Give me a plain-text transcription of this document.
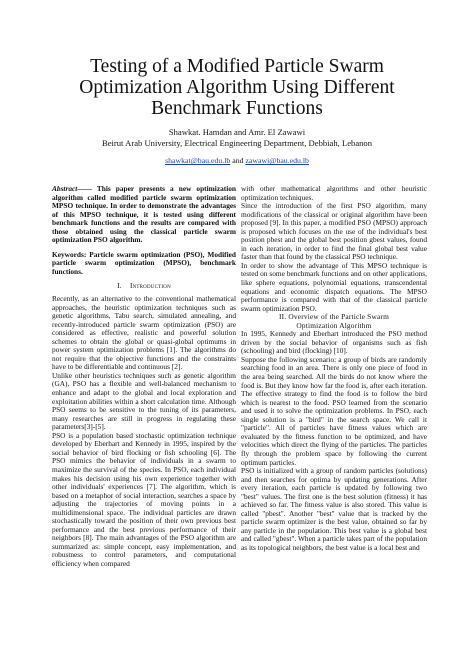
Testing of a Modified Particle Swarm
Optimization Algorithm Using Different
Benchmark Functions
Shawkat. Hamdan and Amr. El Zawawi
Beirut Arab University, Electrical Engineering Department, Debbiah, Lebanon
shawkat@bau.edu.lb and zawawi@bau.edu.lb

Abstract—— This paper presents a new optimization algorithm called modified particle swarm optimization MPSO technique. In order to demonstrate the advantages of this MPSO technique, it is tested using different benchmark functions and the results are compared with those obtained using the classical particle swarm optimization PSO algorithm.

Keywords: Particle swarm optimization (PSO), Modified particle swarm optimization (MPSO), benchmark functions.

I. Introduction

Recently, as an alternative to the conventional mathematical approaches, the heuristic optimization techniques such as genetic algorithms, Tabu search, simulated annealing, and recently-introduced particle swarm optimization (PSO) are considered as effective, realistic and powerful solution schemes to obtain the global or quasi-global optimums in power system optimization problems [1]. The algorithms do not require that the objective functions and the constraints have to be differentiable and continuous [2].

Unlike other heuristics techniques such as genetic algorithm (GA), PSO has a flexible and well-balanced mechanism to enhance and adapt to the global and local exploration and exploitation abilities within a short calculation time. Although PSO seems to be sensitive to the tuning of its parameters, many researches are still in progress in regulating these parameters[3]-[5].

PSO is a population based stochastic optimization technique developed by Eberhart and Kennedy in 1995, inspired by the social behavior of bird flocking or fish schooling [6]. The PSO mimics the behavior of individuals in a swarm to maximize the survival of the species. In PSO, each individual makes his decision using his own experience together with other individuals' experiences [7]. The algorithm, which is based on a metaphor of social interaction, searches a space by adjusting the trajectories of moving points in a multidimensional space. The individual particles are drawn stochastically toward the position of their own previous best performance and the best previous performance of their neighbors [8]. The main advantages of the PSO algorithm are summarized as: simple concept, easy implementation, and robustness to control parameters, and computational efficiency when compared

with other mathematical algorithms and other heuristic optimization techniques.

Since the introduction of the first PSO algorithm, many modifications of the classical or original algorithm have been proposed [9]. In this paper, a modified PSO (MPSO) approach is proposed which focuses on the use of the individual's best position pbest and the global best position gbest values, found in each iteration, in order to find the final global best value faster than that found by the classical PSO technique.

In order to show the advantage of This MPSO technique is tested on some benchmark functions and on other applications, like sphere equations, polynomial equations, transcendental equations and economic dispatch equations. The MPSO performance is compared with that of the classical particle swarm optimization PSO.

II. Overview of the Particle Swarm
Optimization Algorithm

In 1995, Kennedy and Eberhart introduced the PSO method driven by the social behavior of organisms such as fish (schooling) and bird (flocking) [10].

Suppose the following scenario: a group of birds are randomly searching food in an area. There is only one piece of food in the area being searched. All the birds do not know where the food is. But they know how far the food is, after each iteration. The effective strategy to find the food is to follow the bird which is nearest to the food. PSO learned from the scenario and used it to solve the optimization problems. In PSO, each single solution is a "bird" in the search space. We call it "particle". All of particles have fitness values which are evaluated by the fitness function to be optimized, and have velocities which direct the flying of the particles. The particles fly through the problem space by following the current optimum particles.

PSO is initialized with a group of random particles (solutions) and then searches for optima by updating generations. After every iteration, each particle is updated by following two "best" values. The first one is the best solution (fitness) it has achieved so far. The fitness value is also stored. This value is called "pbest". Another "best" value that is tracked by the particle swarm optimizer is the best value, obtained so far by any particle in the population. This best value is a global best and called "gbest". When a particle takes part of the population as its topological neighbors, the best value is a local best and
